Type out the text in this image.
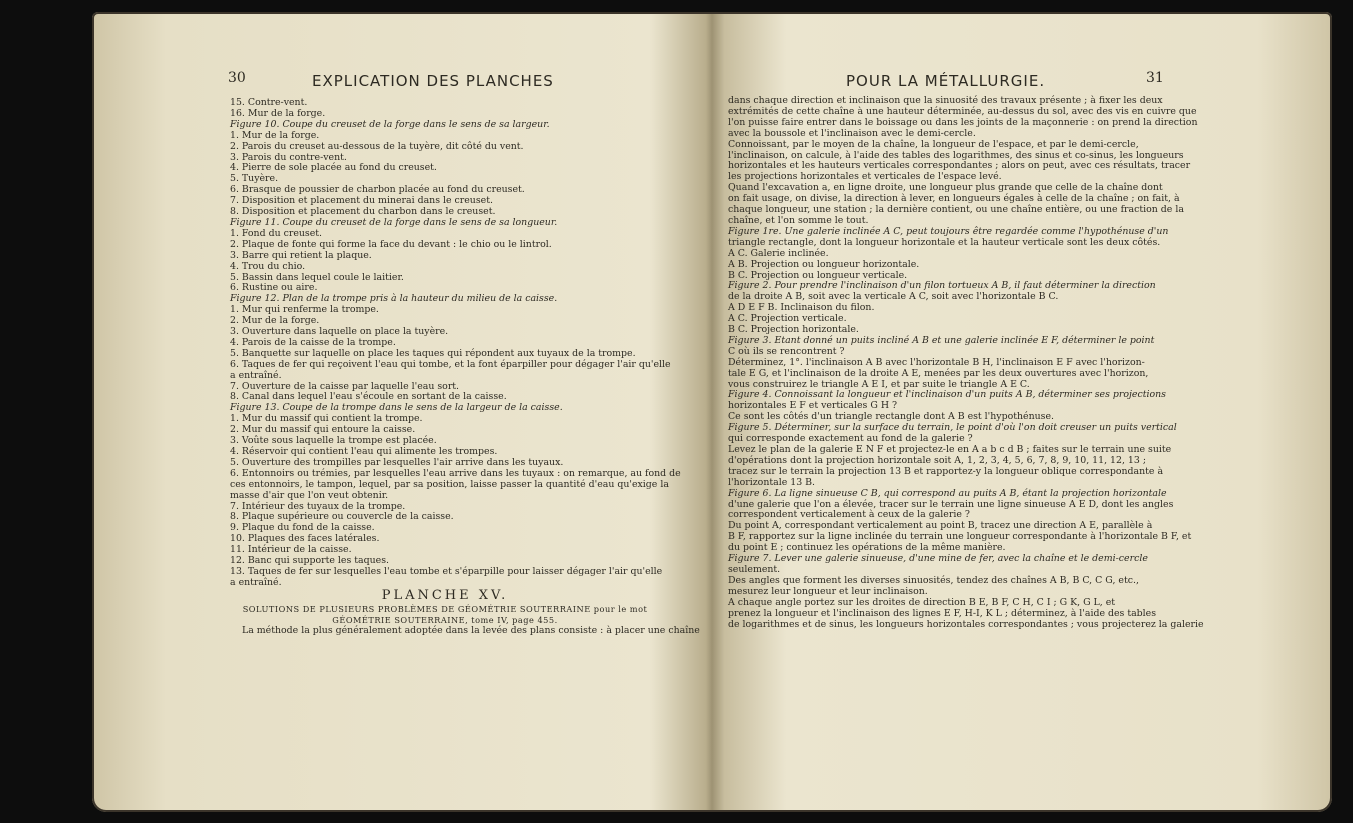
30	EXPLICATION DES PLANCHES
15. Contre-vent.
16. Mur de la forge.
Figure 10. Coupe du creuset de la forge dans le sens de sa largeur.
1. Mur de la forge.
2. Parois du creuset au-dessous de la tuyère, dit côté du vent.
3. Parois du contre-vent.
4. Pierre de sole placée au fond du creuset.
5. Tuyère.
6. Brasque de poussier de charbon placée au fond du creuset.
7. Disposition et placement du minerai dans le creuset.
8. Disposition et placement du charbon dans le creuset.
Figure 11. Coupe du creuset de la forge dans le sens de sa longueur.
1. Fond du creuset.
2. Plaque de fonte qui forme la face du devant : le chio ou le lintrol.
3. Barre qui retient la plaque.
4. Trou du chio.
5. Bassin dans lequel coule le laitier.
6. Rustine ou aire.
Figure 12. Plan de la trompe pris à la hauteur du milieu de la caisse.
1. Mur qui renferme la trompe.
2. Mur de la forge.
3. Ouverture dans laquelle on place la tuyère.
4. Parois de la caisse de la trompe.
5. Banquette sur laquelle on place les taques qui répondent aux tuyaux de la trompe.
6. Taques de fer qui reçoivent l'eau qui tombe, et la font éparpiller pour dégager l'air qu'elle
a entraîné.
7. Ouverture de la caisse par laquelle l'eau sort.
8. Canal dans lequel l'eau s'écoule en sortant de la caisse.
Figure 13. Coupe de la trompe dans le sens de la largeur de la caisse.
1. Mur du massif qui contient la trompe.
2. Mur du massif qui entoure la caisse.
3. Voûte sous laquelle la trompe est placée.
4. Réservoir qui contient l'eau qui alimente les trompes.
5. Ouverture des trompilles par lesquelles l'air arrive dans les tuyaux.
6. Entonnoirs ou trémies, par lesquelles l'eau arrive dans les tuyaux : on remarque, au fond de
ces entonnoirs, le tampon, lequel, par sa position, laisse passer la quantité d'eau qu'exige la
masse d'air que l'on veut obtenir.
7. Intérieur des tuyaux de la trompe.
8. Plaque supérieure ou couvercle de la caisse.
9. Plaque du fond de la caisse.
10. Plaques des faces latérales.
11. Intérieur de la caisse.
12. Banc qui supporte les taques.
13. Taques de fer sur lesquelles l'eau tombe et s'éparpille pour laisser dégager l'air qu'elle
a entraîné.
PLANCHE XV.
SOLUTIONS DE PLUSIEURS PROBLÈMES DE GÉOMÉTRIE SOUTERRAINE pour le mot
GÉOMÉTRIE SOUTERRAINE, tome IV, page 455.
La méthode la plus généralement adoptée dans la levée des plans consiste : à placer une chaîne
31
POUR LA MÉTALLURGIE.
dans chaque direction et inclinaison que la sinuosité des travaux présente ; à fixer les deux
extrémités de cette chaîne à une hauteur déterminée, au-dessus du sol, avec des vis en cuivre que
l'on puisse faire entrer dans le boissage ou dans les joints de la maçonnerie : on prend la direction
avec la boussole et l'inclinaison avec le demi-cercle.
Connoissant, par le moyen de la chaîne, la longueur de l'espace, et par le demi-cercle,
l'inclinaison, on calcule, à l'aide des tables des logarithmes, des sinus et co-sinus, les longueurs
horizontales et les hauteurs verticales correspondantes ; alors on peut, avec ces résultats, tracer
les projections horizontales et verticales de l'espace levé.
Quand l'excavation a, en ligne droite, une longueur plus grande que celle de la chaîne dont
on fait usage, on divise, la direction à lever, en longueurs égales à celle de la chaîne ; on fait, à
chaque longueur, une station ; la dernière contient, ou une chaîne entière, ou une fraction de la
chaîne, et l'on somme le tout.
Figure 1re. Une galerie inclinée A C, peut toujours être regardée comme l'hypothénuse d'un
triangle rectangle, dont la longueur horizontale et la hauteur verticale sont les deux côtés.
A C. Galerie inclinée.
A B. Projection ou longueur horizontale.
B C. Projection ou longueur verticale.
Figure 2. Pour prendre l'inclinaison d'un filon tortueux A B, il faut déterminer la direction
de la droite A B, soit avec la verticale A C, soit avec l'horizontale B C.
A D E F B. Inclinaison du filon.
A C. Projection verticale.
B C. Projection horizontale.
Figure 3. Etant donné un puits incliné A B et une galerie inclinée E F, déterminer le point
C où ils se rencontrent ?
Déterminez, 1°. l'inclinaison A B avec l'horizontale B H, l'inclinaison E F avec l'horizon-
tale E G, et l'inclinaison de la droite A E, menées par les deux ouvertures avec l'horizon,
vous construirez le triangle A E I, et par suite le triangle A E C.
Figure 4. Connoissant la longueur et l'inclinaison d'un puits A B, déterminer ses projections
horizontales E F et verticales G H ?
Ce sont les côtés d'un triangle rectangle dont A B est l'hypothénuse.
Figure 5. Déterminer, sur la surface du terrain, le point d'où l'on doit creuser un puits vertical
qui corresponde exactement au fond de la galerie ?
Levez le plan de la galerie E N F et projectez-le en A a b c d B ; faites sur le terrain une suite
d'opérations dont la projection horizontale soit A, 1, 2, 3, 4, 5, 6, 7, 8, 9, 10, 11, 12, 13 ;
tracez sur le terrain la projection 13 B et rapportez-y la longueur oblique correspondante à
l'horizontale 13 B.
Figure 6. La ligne sinueuse C B, qui correspond au puits A B, étant la projection horizontale
d'une galerie que l'on a élevée, tracer sur le terrain une ligne sinueuse A E D, dont les angles
correspondent verticalement à ceux de la galerie ?
Du point A, correspondant verticalement au point B, tracez une direction A E, parallèle à
B F, rapportez sur la ligne inclinée du terrain une longueur correspondante à l'horizontale B F, et
du point E ; continuez les opérations de la même manière.
Figure 7. Lever une galerie sinueuse, d'une mine de fer, avec la chaîne et le demi-cercle
seulement.
Des angles que forment les diverses sinuosités, tendez des chaînes A B, B C, C G, etc.,
mesurez leur longueur et leur inclinaison.
A chaque angle portez sur les droites de direction B E, B F, C H, C I ; G K, G L, et
prenez la longueur et l'inclinaison des lignes E F, H-I, K L ; déterminez, à l'aide des tables
de logarithmes et de sinus, les longueurs horizontales correspondantes ; vous projecterez la galerie
